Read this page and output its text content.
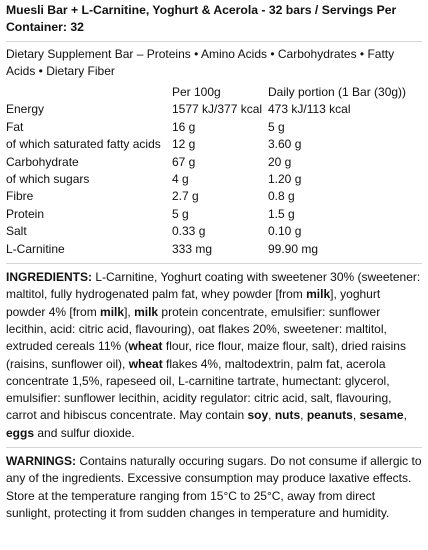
Muesli Bar + L-Carnitine, Yoghurt & Acerola - 32 bars / Servings Per Container: 32

Dietary Supplement Bar – Proteins • Amino Acids • Carbohydrates • Fatty Acids • Dietary Fiber

	Per 100g	Daily portion (1 Bar (30g))
Energy	1577 kJ/377 kcal	473 kJ/113 kcal
Fat	16 g	5 g
of which saturated fatty acids	12 g	3.60 g
Carbohydrate	67 g	20 g
of which sugars	4 g	1.20 g
Fibre	2.7 g	0.8 g
Protein	5 g	1.5 g
Salt	0.33 g	0.10 g
L-Carnitine	333 mg	99.90 mg

INGREDIENTS: L-Carnitine, Yoghurt coating with sweetener 30% (sweetener: maltitol, fully hydrogenated palm fat, whey powder [from milk], yoghurt powder 4% [from milk], milk protein concentrate, emulsifier: sunflower lecithin, acid: citric acid, flavouring), oat flakes 20%, sweetener: maltitol, extruded cereals 11% (wheat flour, rice flour, maize flour, salt), dried raisins (raisins, sunflower oil), wheat flakes 4%, maltodextrin, palm fat, acerola concentrate 1,5%, rapeseed oil, L-carnitine tartrate, humectant: glycerol, emulsifier: sunflower lecithin, acidity regulator: citric acid, salt, flavouring, carrot and hibiscus concentrate. May contain soy, nuts, peanuts, sesame, eggs and sulfur dioxide.

WARNINGS: Contains naturally occuring sugars. Do not consume if allergic to any of the ingredients. Excessive consumption may produce laxative effects. Store at the temperature ranging from 15°C to 25°C, away from direct sunlight, protecting it from sudden changes in temperature and humidity.
